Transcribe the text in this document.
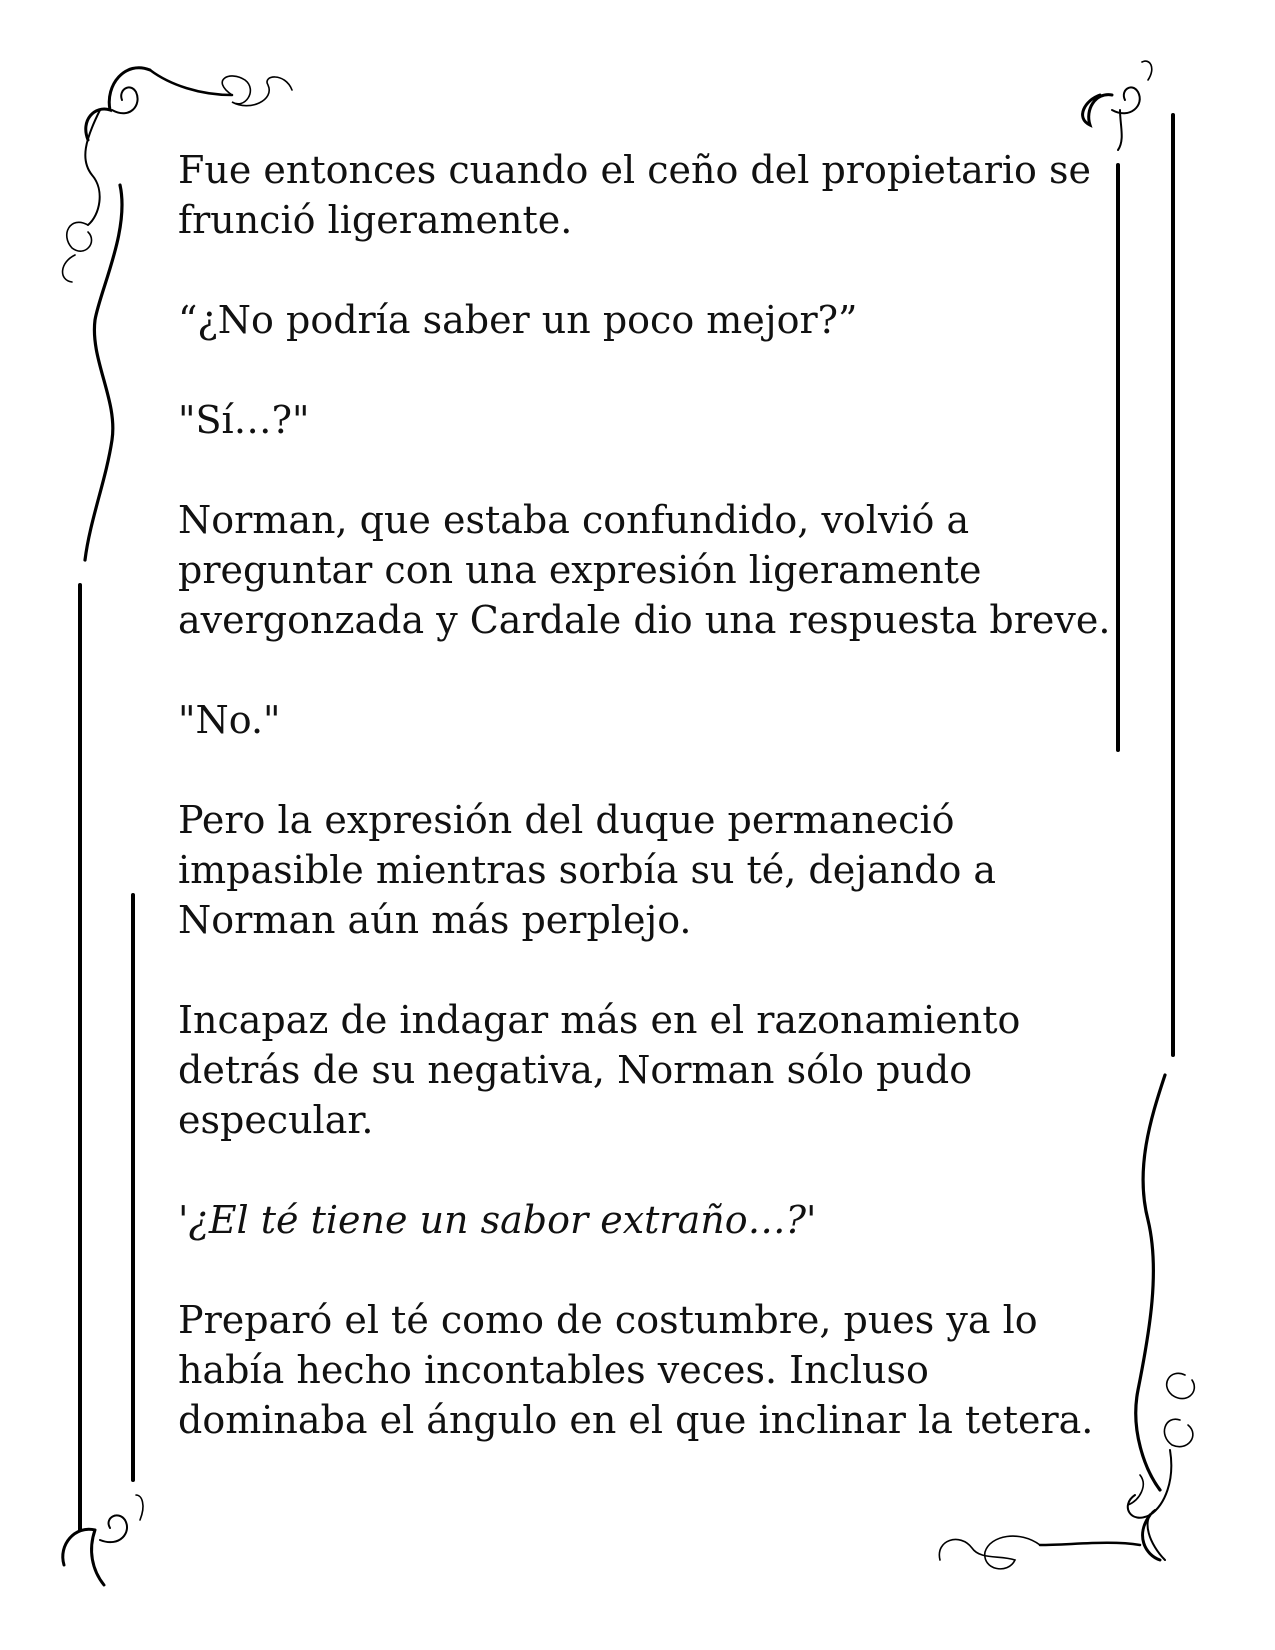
Fue entonces cuando el ceño del propietario se frunció ligeramente.

“¿No podría saber un poco mejor?”

"Sí…?"

Norman, que estaba confundido, volvió a preguntar con una expresión ligeramente avergonzada y Cardale dio una respuesta breve.

"No."

Pero la expresión del duque permaneció impasible mientras sorbía su té, dejando a Norman aún más perplejo.

Incapaz de indagar más en el razonamiento detrás de su negativa, Norman sólo pudo especular.

'¿El té tiene un sabor extraño…?'

Preparó el té como de costumbre, pues ya lo había hecho incontables veces. Incluso dominaba el ángulo en el que inclinar la tetera.
